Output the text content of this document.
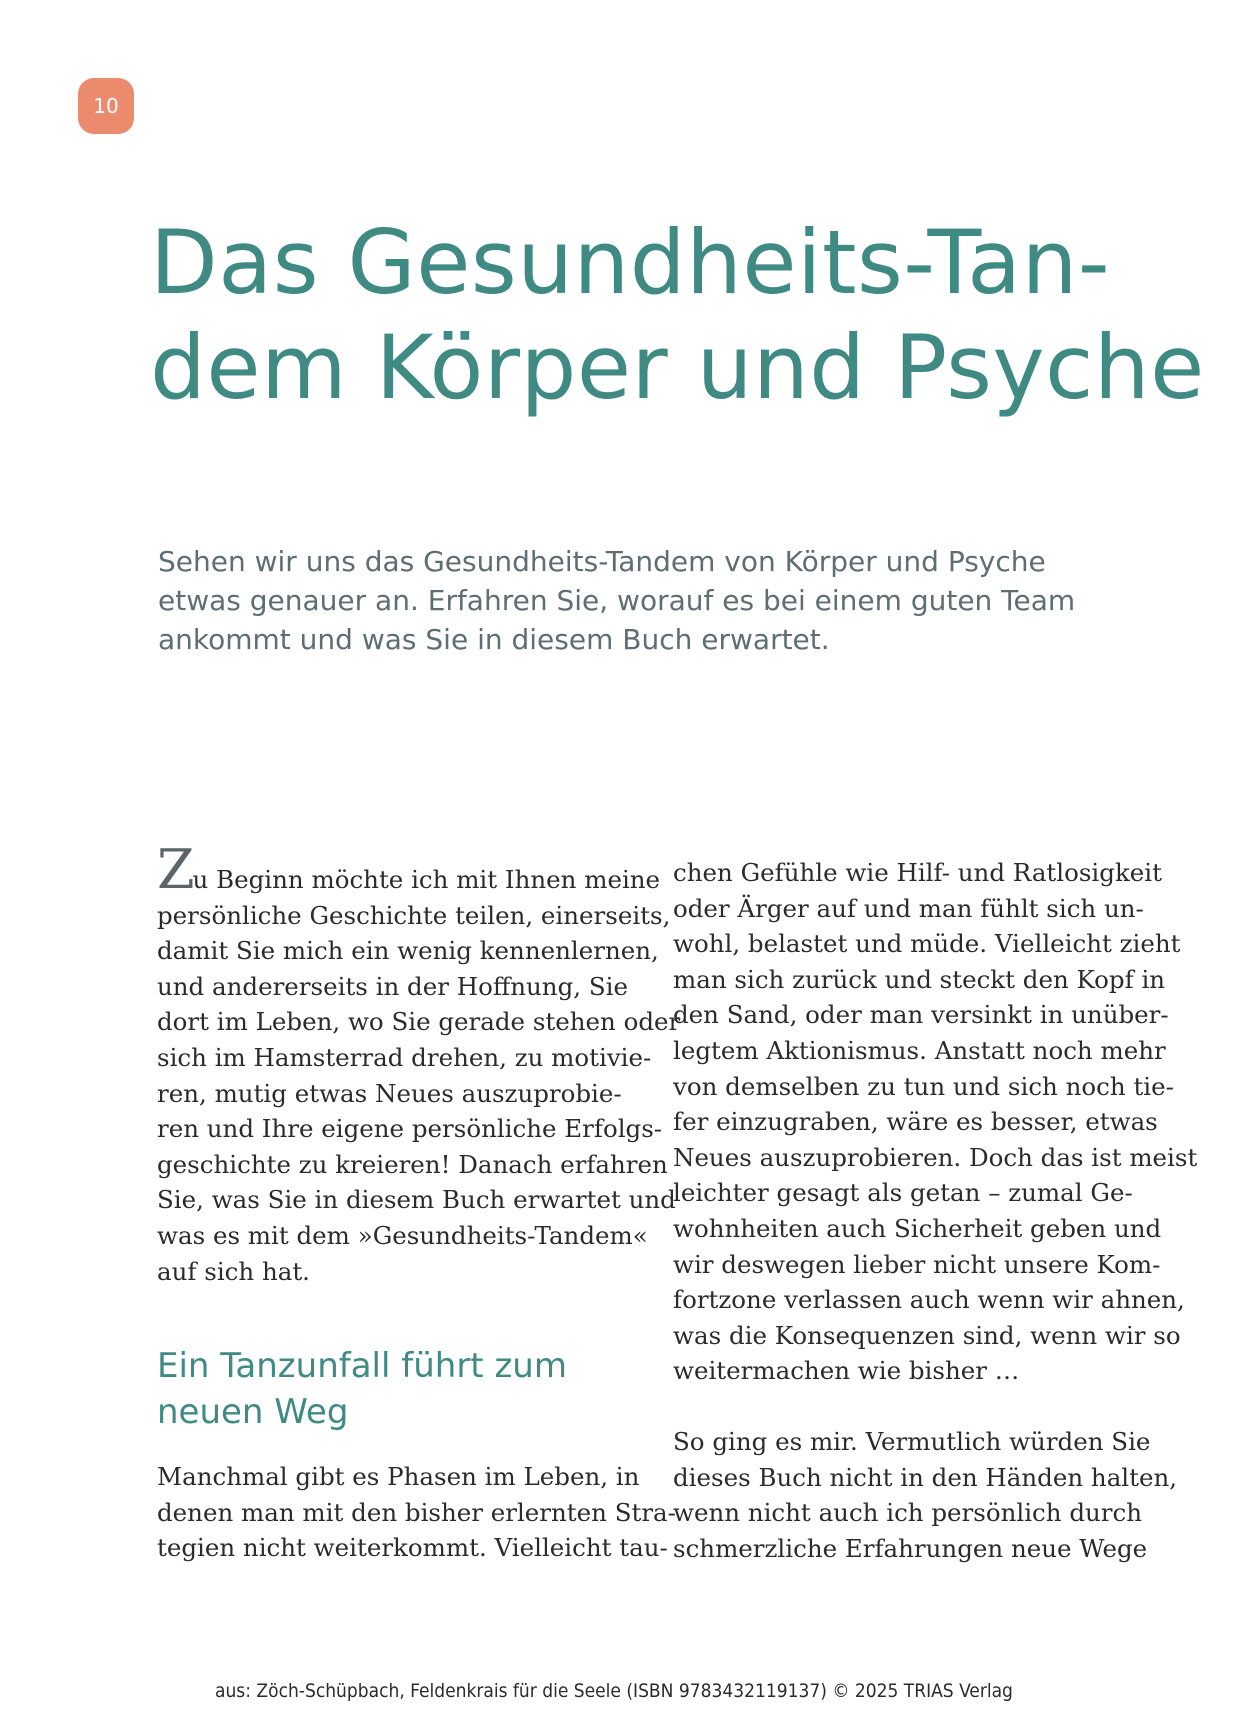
10
Das Gesundheits-Tan-
dem Körper und Psyche

Sehen wir uns das Gesundheits-Tandem von Körper und Psyche
etwas genauer an. Erfahren Sie, worauf es bei einem guten Team
ankommt und was Sie in diesem Buch erwartet.

Zu Beginn möchte ich mit Ihnen meine
persönliche Geschichte teilen, einerseits,
damit Sie mich ein wenig kennenlernen,
und andererseits in der Hoffnung, Sie
dort im Leben, wo Sie gerade stehen oder
sich im Hamsterrad drehen, zu motivie-
ren, mutig etwas Neues auszuprobie-
ren und Ihre eigene persönliche Erfolgs-
geschichte zu kreieren! Danach erfahren
Sie, was Sie in diesem Buch erwartet und
was es mit dem »Gesundheits-Tandem«
auf sich hat.
Ein Tanzunfall führt zum
neuen Weg
Manchmal gibt es Phasen im Leben, in
denen man mit den bisher erlernten Stra-
tegien nicht weiterkommt. Vielleicht tau-
chen Gefühle wie Hilf- und Ratlosigkeit
oder Ärger auf und man fühlt sich un-
wohl, belastet und müde. Vielleicht zieht
man sich zurück und steckt den Kopf in
den Sand, oder man versinkt in unüber-
legtem Aktionismus. Anstatt noch mehr
von demselben zu tun und sich noch tie-
fer einzugraben, wäre es besser, etwas
Neues auszuprobieren. Doch das ist meist
leichter gesagt als getan – zumal Ge-
wohnheiten auch Sicherheit geben und
wir deswegen lieber nicht unsere Kom-
fortzone verlassen auch wenn wir ahnen,
was die Konsequenzen sind, wenn wir so
weitermachen wie bisher …
So ging es mir. Vermutlich würden Sie
dieses Buch nicht in den Händen halten,
wenn nicht auch ich persönlich durch
schmerzliche Erfahrungen neue Wege
aus: Zöch-Schüpbach, Feldenkrais für die Seele (ISBN 9783432119137) © 2025 TRIAS Verlag
